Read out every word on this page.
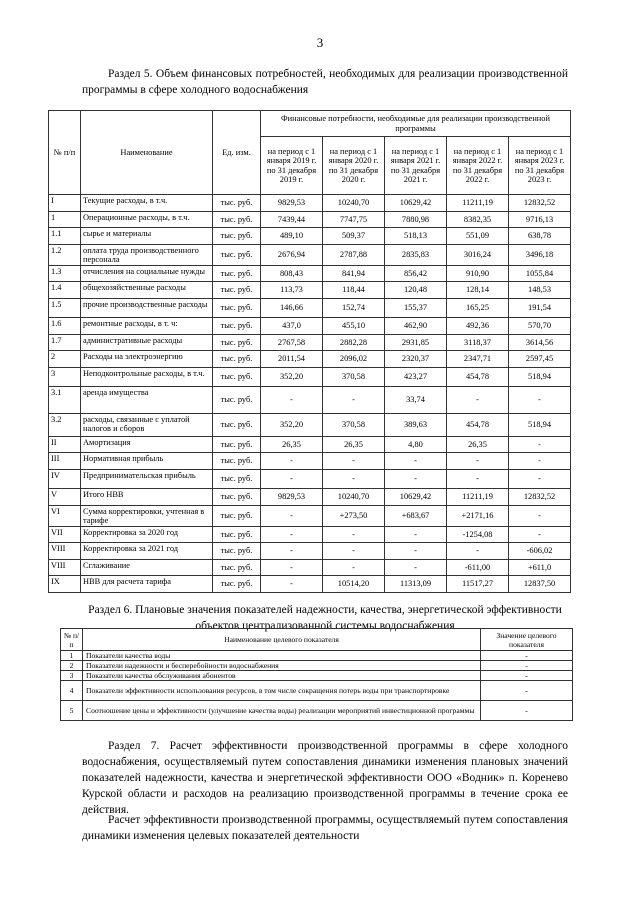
3
Раздел 5. Объем финансовых потребностей, необходимых для реализации производственной программы в сфере холодного водоснабжения
№ п/п	Наименование	Ед. изм.	Финансовые потребности, необходимые для реализации производственной программы				
			на период с 1 января 2019 г. по 31 декабря 2019 г.	на период с 1 января 2020 г. по 31 декабря 2020 г.	на период с 1 января 2021 г. по 31 декабря 2021 г.	на период с 1 января 2022 г. по 31 декабря 2022 г.	на период с 1 января 2023 г. по 31 декабря 2023 г.
I	Текущие расходы, в т.ч.	тыс. руб.	9829,53	10240,70	10629,42	11211,19	12832,52
1	Операционные расходы, в т.ч.	тыс. руб.	7439,44	7747,75	7880,98	8382,35	9716,13
1.1	сырье и материалы	тыс. руб.	489,10	509,37	518,13	551,09	638,78
1.2	оплата труда производственного персонала	тыс. руб.	2676,94	2787,88	2835,83	3016,24	3496,18
1.3	отчисления на социальные нужды	тыс. руб.	808,43	841,94	856,42	910,90	1055,84
1.4	общехозяйственные расходы	тыс. руб.	113,73	118,44	120,48	128,14	148,53
1.5	прочие производственные расходы	тыс. руб.	146,66	152,74	155,37	165,25	191,54
1.6	ремонтные расходы, в т. ч:	тыс. руб.	437,0	455,10	462,90	492,36	570,70
1.7	административные расходы	тыс. руб.	2767,58	2882,28	2931,85	3118,37	3614,56
2	Расходы на электроэнергию	тыс. руб.	2011,54	2096,02	2320,37	2347,71	2597,45
3	Неподконтрольные расходы, в т.ч.	тыс. руб.	352,20	370,58	423,27	454,78	518,94
3.1	аренда имущества	тыс. руб.	-	-	33,74	-	-
3.2	расходы, связанные с уплатой налогов и сборов	тыс. руб.	352,20	370,58	389,63	454,78	518,94
II	Амортизация	тыс. руб.	26,35	26,35	4,80	26,35	-
III	Нормативная прибыль	тыс. руб.	-	-	-	-	-
IV	Предпринимательская прибыль	тыс. руб.	-	-	-	-	-
V	Итого НВВ	тыс. руб.	9829,53	10240,70	10629,42	11211,19	12832,52
VI	Сумма корректировки, учтенная в тарифе	тыс. руб.	-	+273,50	+683,67	+2171,16	-
VII	Корректировка за 2020 год	тыс. руб.	-	-	-	-1254,08	-
VIII	Корректировка за 2021 год	тыс. руб.	-	-	-	-	-606,02
VIII	Сглаживание	тыс. руб.	-	-	-	-611,00	+611,0
IX	НВВ для расчета тарифа	тыс. руб.	-	10514,20	11313,09	11517,27	12837,50
Раздел 6. Плановые значения показателей надежности, качества, энергетической эффективности объектов централизованной системы водоснабжения
№ п/п	Наименование целевого показателя	Значение целевого показателя
1	Показатели качества воды	-
2	Показатели надежности и бесперебойности водоснабжения	-
3	Показатели качества обслуживания абонентов	-
4	Показатели эффективности использования ресурсов, в том числе сокращения потерь воды при транспортировке	-
5	Соотношение цены и эффективности (улучшение качества воды) реализации мероприятий инвестиционной программы	-
Раздел 7. Расчет эффективности производственной программы в сфере холодного водоснабжения, осуществляемый путем сопоставления динамики изменения плановых значений показателей надежности, качества и энергетической эффективности ООО «Водник» п. Коренево Курской области и расходов на реализацию производственной программы в течение срока ее действия.
Расчет эффективности производственной программы, осуществляемый путем сопоставления динамики изменения целевых показателей деятельности
